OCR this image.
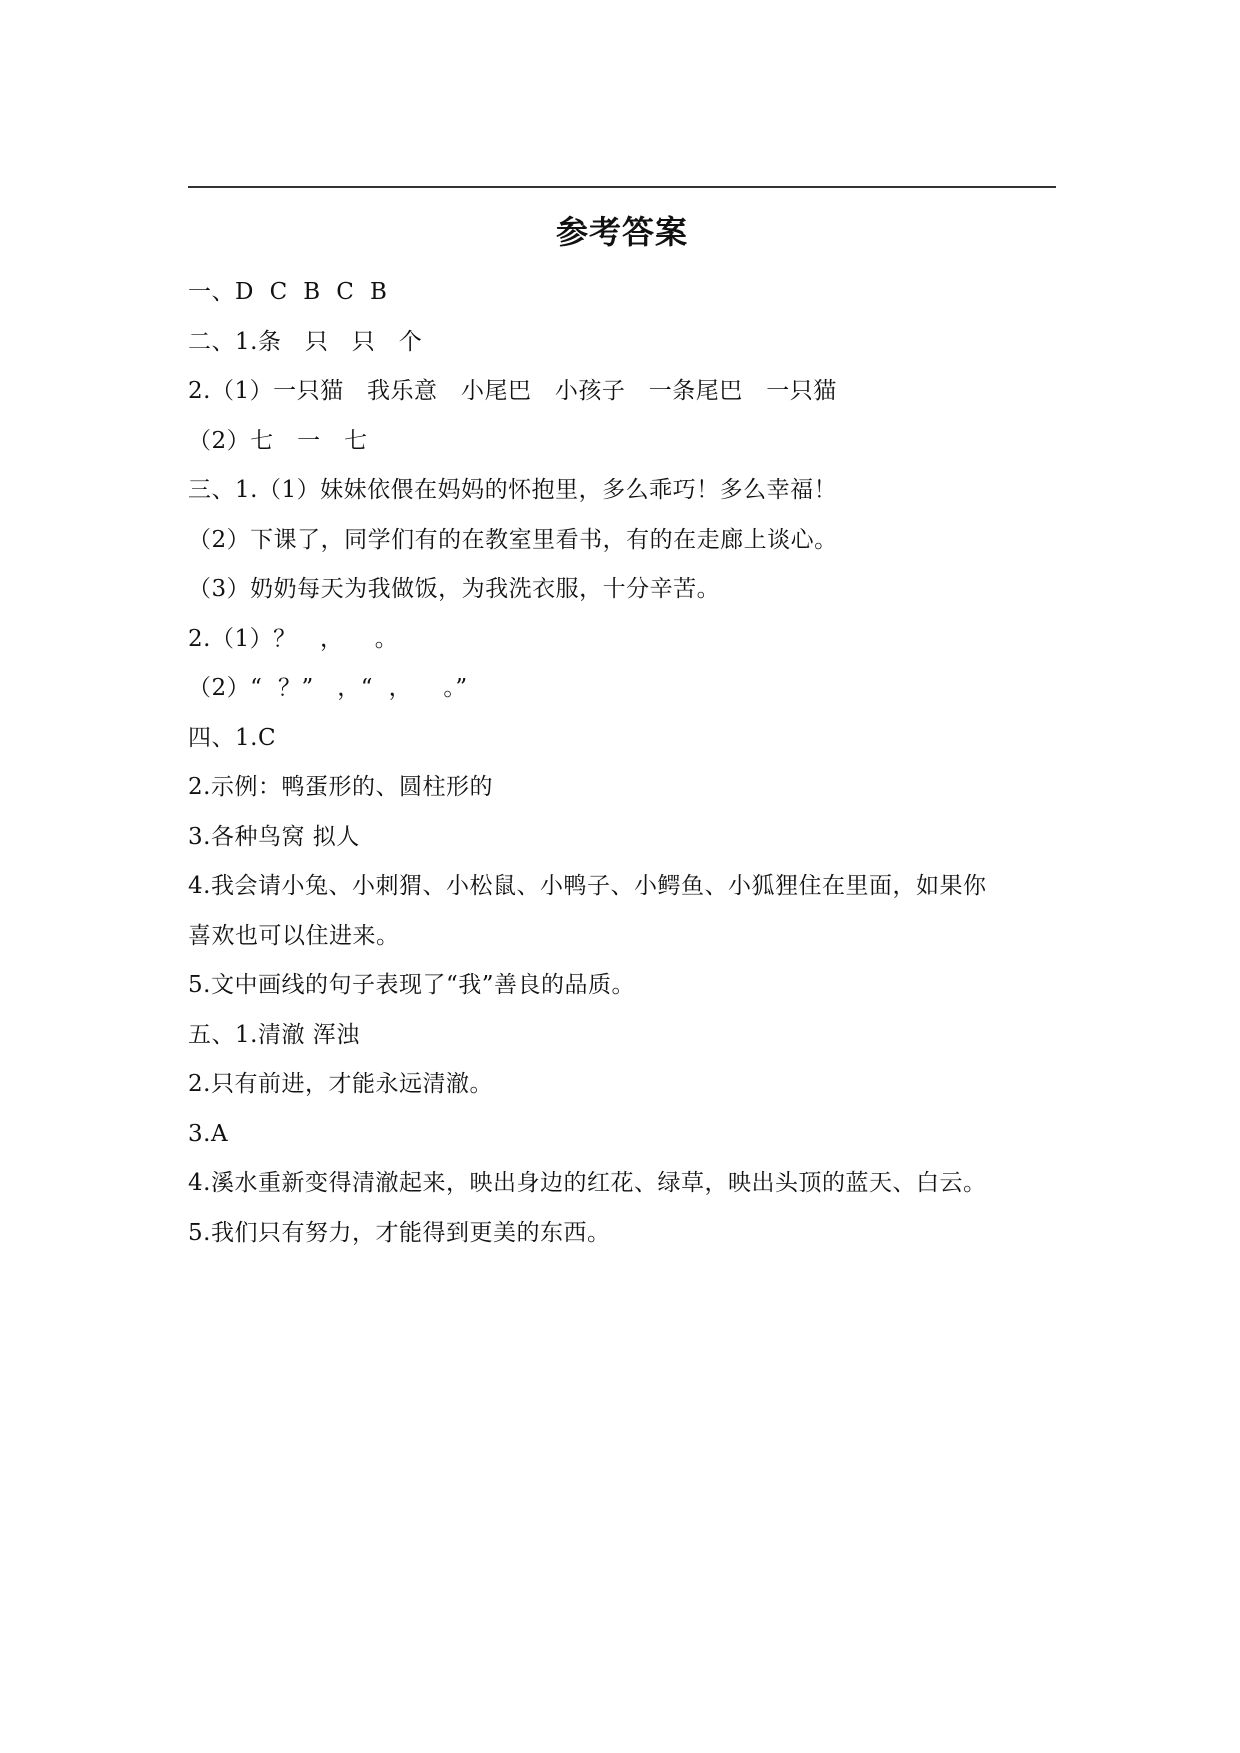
参考答案
一、D  C  B  C  B
二、1.条   只   只   个
2.（1）一只猫   我乐意   小尾巴   小孩子   一条尾巴   一只猫
（2）七   一   七
三、1.（1）妹妹依偎在妈妈的怀抱里，多么乖巧！多么幸福！
（2）下课了，同学们有的在教室里看书，有的在走廊上谈心。
（3）奶奶每天为我做饭，为我洗衣服，十分辛苦。
2.（1）？   ，    。
（2）“  ？”   ，“  ，    。”
四、1.C
2.示例：鸭蛋形的、圆柱形的
3.各种鸟窝 拟人
4.我会请小兔、小刺猬、小松鼠、小鸭子、小鳄鱼、小狐狸住在里面，如果你
喜欢也可以住进来。
5.文中画线的句子表现了“我”善良的品质。
五、1.清澈 浑浊
2.只有前进，才能永远清澈。
3.A
4.溪水重新变得清澈起来，映出身边的红花、绿草，映出头顶的蓝天、白云。
5.我们只有努力，才能得到更美的东西。
